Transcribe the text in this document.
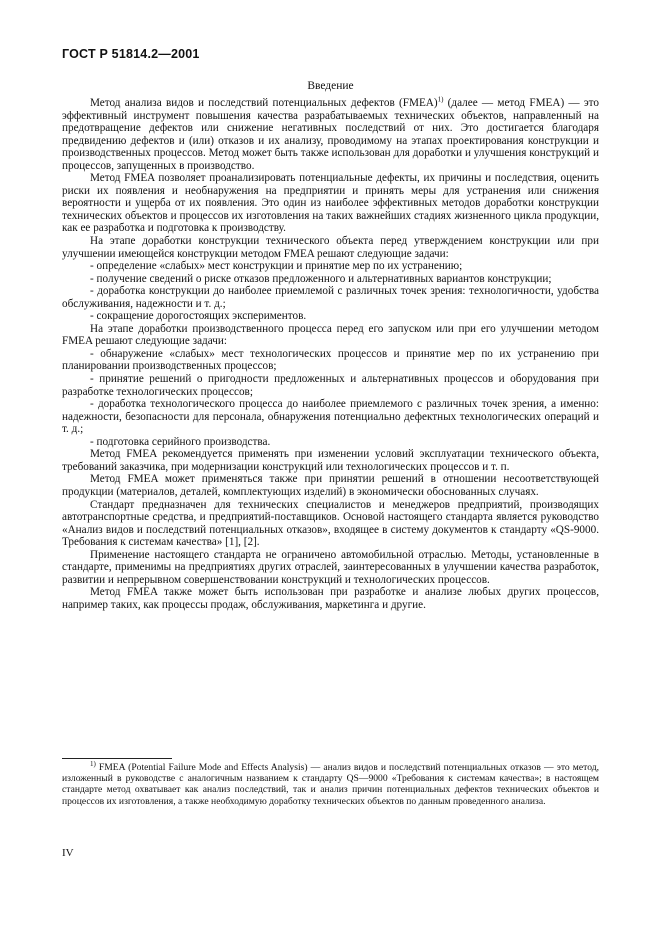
ГОСТ Р 51814.2—2001
Введение

Метод анализа видов и последствий потенциальных дефектов (FMEA)$^{1)}$ (далее — метод FMEA) — это эффективный инструмент повышения качества разрабатываемых технических объектов, направленный на предотвращение дефектов или снижение негативных последствий от них. Это достигается благодаря предвидению дефектов и (или) отказов и их анализу, проводимому на этапах проектирования конструкции и производственных процессов. Метод может быть также использован для доработки и улучшения конструкций и процессов, запущенных в производство.

Метод FMEA позволяет проанализировать потенциальные дефекты, их причины и последствия, оценить риски их появления и необнаружения на предприятии и принять меры для устранения или снижения вероятности и ущерба от их появления. Это один из наиболее эффективных методов доработки конструкции технических объектов и процессов их изготовления на таких важнейших стадиях жизненного цикла продукции, как ее разработка и подготовка к производству.

На этапе доработки конструкции технического объекта перед утверждением конструкции или при улучшении имеющейся конструкции методом FMEA решают следующие задачи:

- определение «слабых» мест конструкции и принятие мер по их устранению;

- получение сведений о риске отказов предложенного и альтернативных вариантов конструкции;

- доработка конструкции до наиболее приемлемой с различных точек зрения: технологичности, удобства обслуживания, надежности и т. д.;

- сокращение дорогостоящих экспериментов.

На этапе доработки производственного процесса перед его запуском или при его улучшении методом FMEA решают следующие задачи:

- обнаружение «слабых» мест технологических процессов и принятие мер по их устранению при планировании производственных процессов;

- принятие решений о пригодности предложенных и альтернативных процессов и оборудования при разработке технологических процессов;

- доработка технологического процесса до наиболее приемлемого с различных точек зрения, а именно: надежности, безопасности для персонала, обнаружения потенциально дефектных технологических операций и т. д.;

- подготовка серийного производства.

Метод FMEA рекомендуется применять при изменении условий эксплуатации технического объекта, требований заказчика, при модернизации конструкций или технологических процессов и т. п.

Метод FMEA может применяться также при принятии решений в отношении несоответствующей продукции (материалов, деталей, комплектующих изделий) в экономически обоснованных случаях.

Стандарт предназначен для технических специалистов и менеджеров предприятий, производящих автотранспортные средства, и предприятий-поставщиков. Основой настоящего стандарта является руководство «Анализ видов и последствий потенциальных отказов», входящее в систему документов к стандарту «QS-9000. Требования к системам качества» [1], [2].

Применение настоящего стандарта не ограничено автомобильной отраслью. Методы, установленные в стандарте, применимы на предприятиях других отраслей, заинтересованных в улучшении качества разработок, развитии и непрерывном совершенствовании конструкций и технологических процессов.

Метод FMEA также может быть использован при разработке и анализе любых других процессов, например таких, как процессы продаж, обслуживания, маркетинга и другие.

$^{1)}$ FMEA (Potential Failure Mode and Effects Analysis) — анализ видов и последствий потенциальных отказов — это метод, изложенный в руководстве с аналогичным названием к стандарту QS—9000 «Требования к системам качества»; в настоящем стандарте метод охватывает как анализ последствий, так и анализ причин потенциальных дефектов технических объектов и процессов их изготовления, а также необходимую доработку технических объектов по данным проведенного анализа.

IV
